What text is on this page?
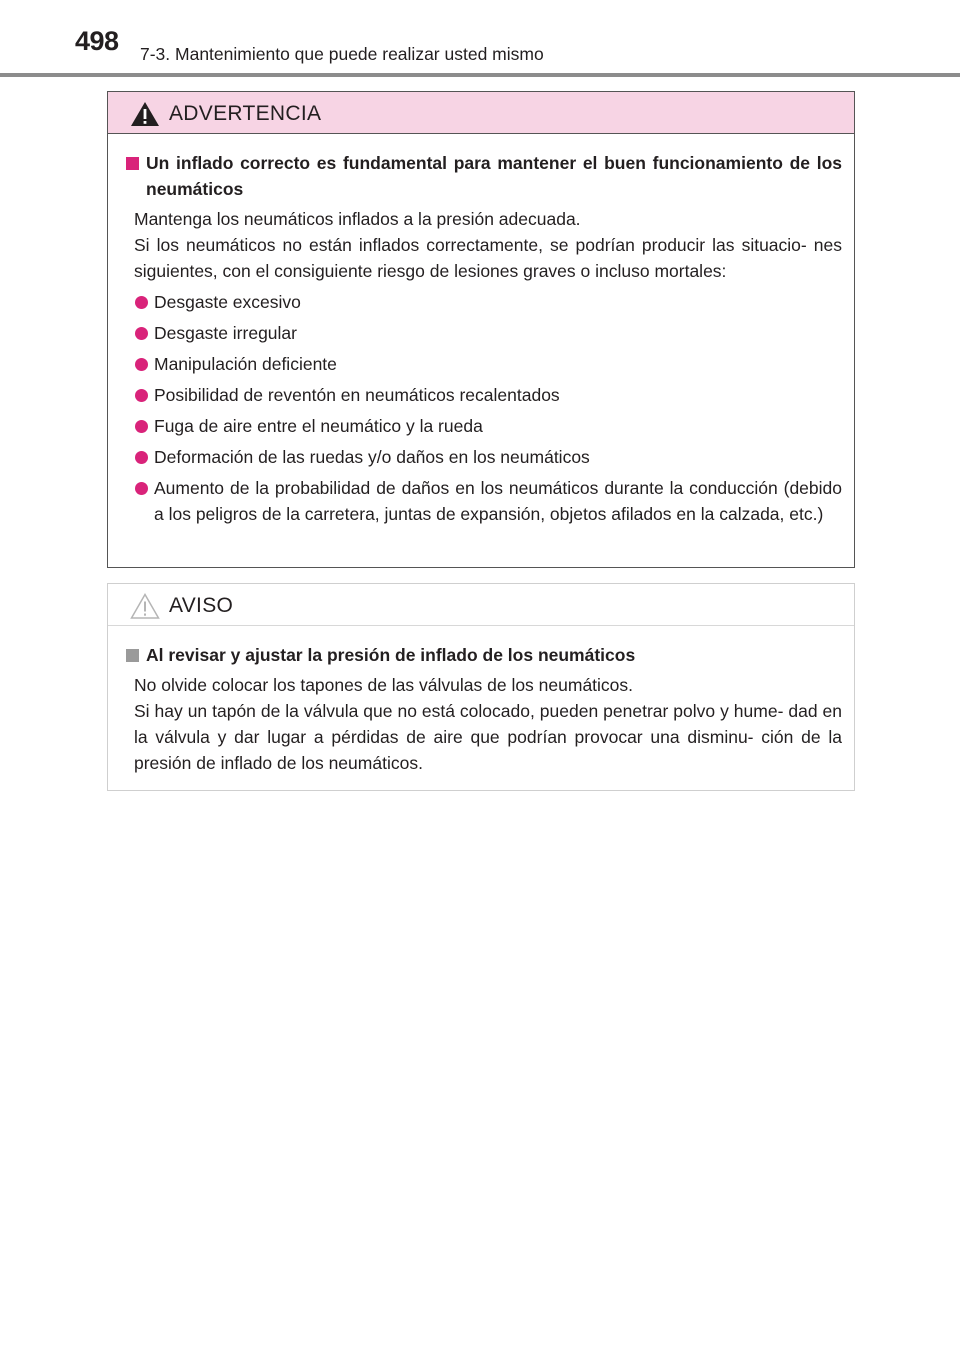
498 7-3. Mantenimiento que puede realizar usted mismo
ADVERTENCIA
Un inflado correcto es fundamental para mantener el buen funcionamiento de los neumáticos
Mantenga los neumáticos inflados a la presión adecuada.
Si los neumáticos no están inflados correctamente, se podrían producir las situacio- nes siguientes, con el consiguiente riesgo de lesiones graves o incluso mortales:
Desgaste excesivo
Desgaste irregular
Manipulación deficiente
Posibilidad de reventón en neumáticos recalentados
Fuga de aire entre el neumático y la rueda
Deformación de las ruedas y/o daños en los neumáticos
Aumento de la probabilidad de daños en los neumáticos durante la conducción (debido a los peligros de la carretera, juntas de expansión, objetos afilados en la calzada, etc.)
AVISO
Al revisar y ajustar la presión de inflado de los neumáticos
No olvide colocar los tapones de las válvulas de los neumáticos.
Si hay un tapón de la válvula que no está colocado, pueden penetrar polvo y hume- dad en la válvula y dar lugar a pérdidas de aire que podrían provocar una disminu- ción de la presión de inflado de los neumáticos.
